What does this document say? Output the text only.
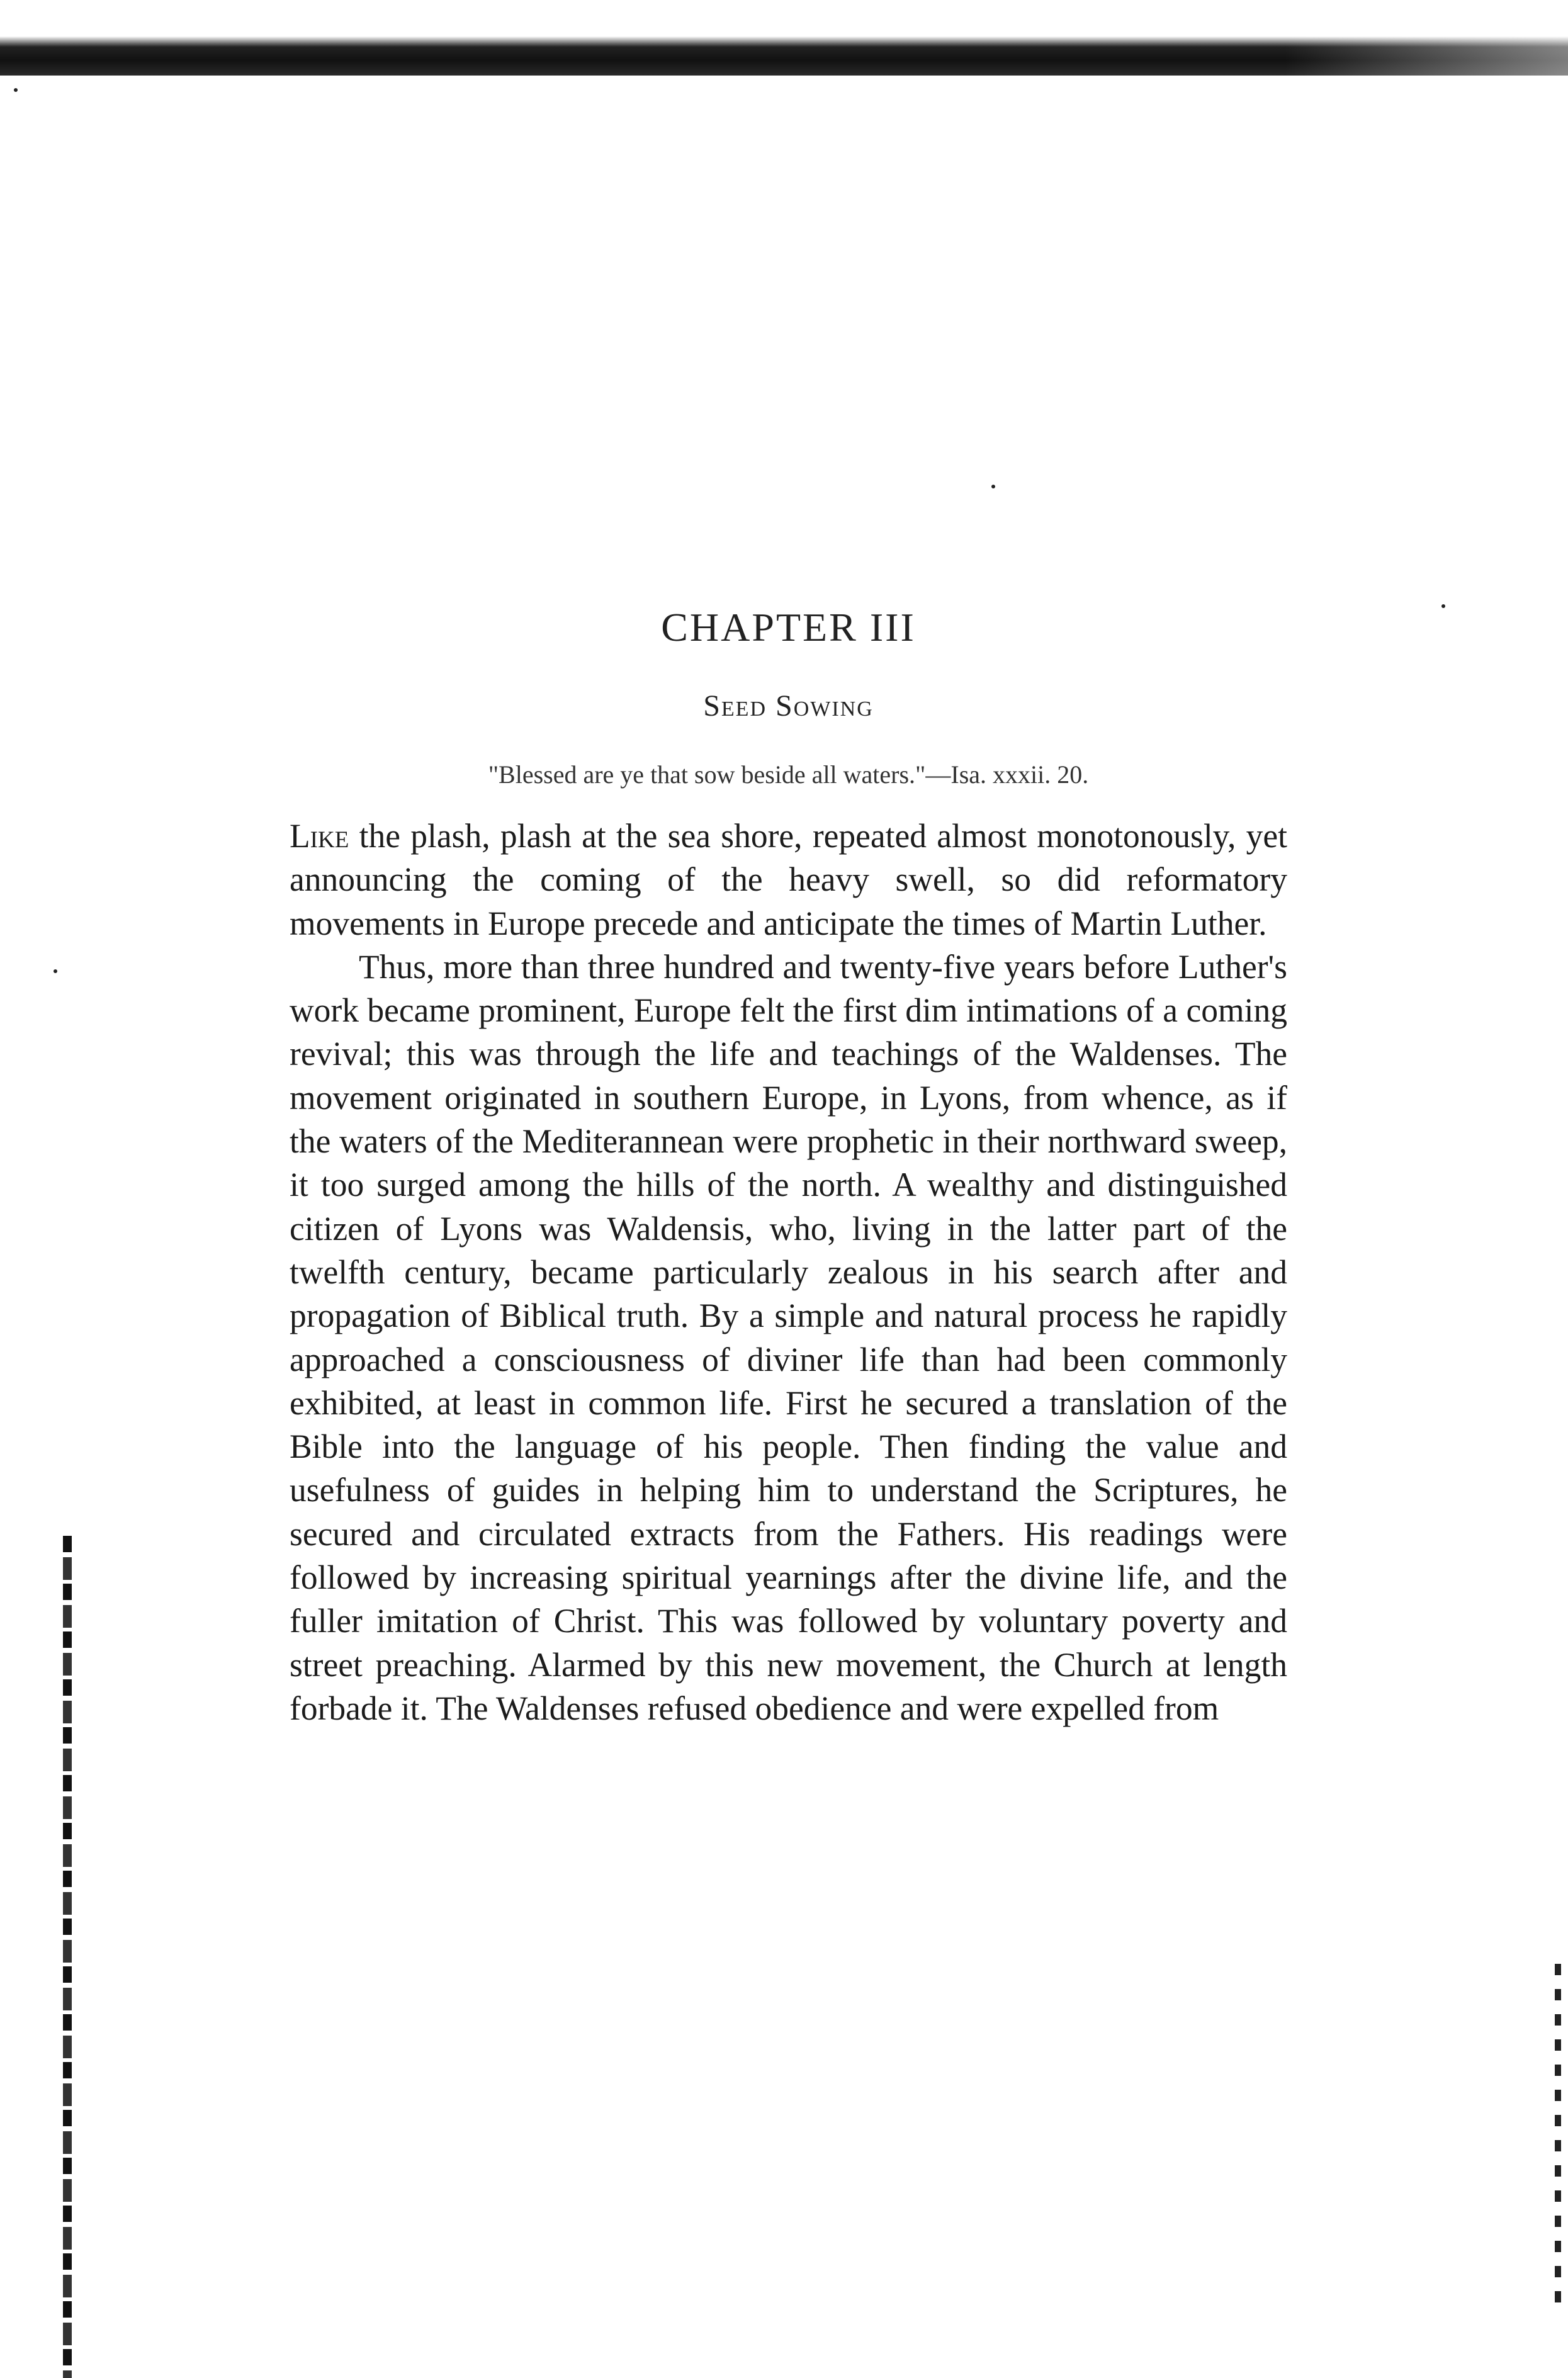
CHAPTER III
Seed Sowing

"Blessed are ye that sow beside all waters."—Isa. xxxii. 20.

Like the plash, plash at the sea shore, repeated almost monotonously, yet announcing the coming of the heavy swell, so did reformatory movements in Europe precede and anticipate the times of Martin Luther.

Thus, more than three hundred and twenty-five years before Luther's work became prominent, Europe felt the first dim intimations of a coming revival; this was through the life and teachings of the Waldenses. The movement originated in southern Europe, in Lyons, from whence, as if the waters of the Mediterannean were prophetic in their northward sweep, it too surged among the hills of the north. A wealthy and distinguished citizen of Lyons was Waldensis, who, living in the latter part of the twelfth century, became particularly zealous in his search after and propagation of Biblical truth. By a simple and natural process he rapidly approached a consciousness of diviner life than had been commonly exhibited, at least in common life. First he secured a translation of the Bible into the language of his people. Then finding the value and usefulness of guides in helping him to understand the Scriptures, he secured and circulated extracts from the Fathers. His readings were followed by increasing spiritual yearnings after the divine life, and the fuller imitation of Christ. This was followed by voluntary poverty and street preaching. Alarmed by this new movement, the Church at length forbade it. The Waldenses refused obedience and were expelled from
